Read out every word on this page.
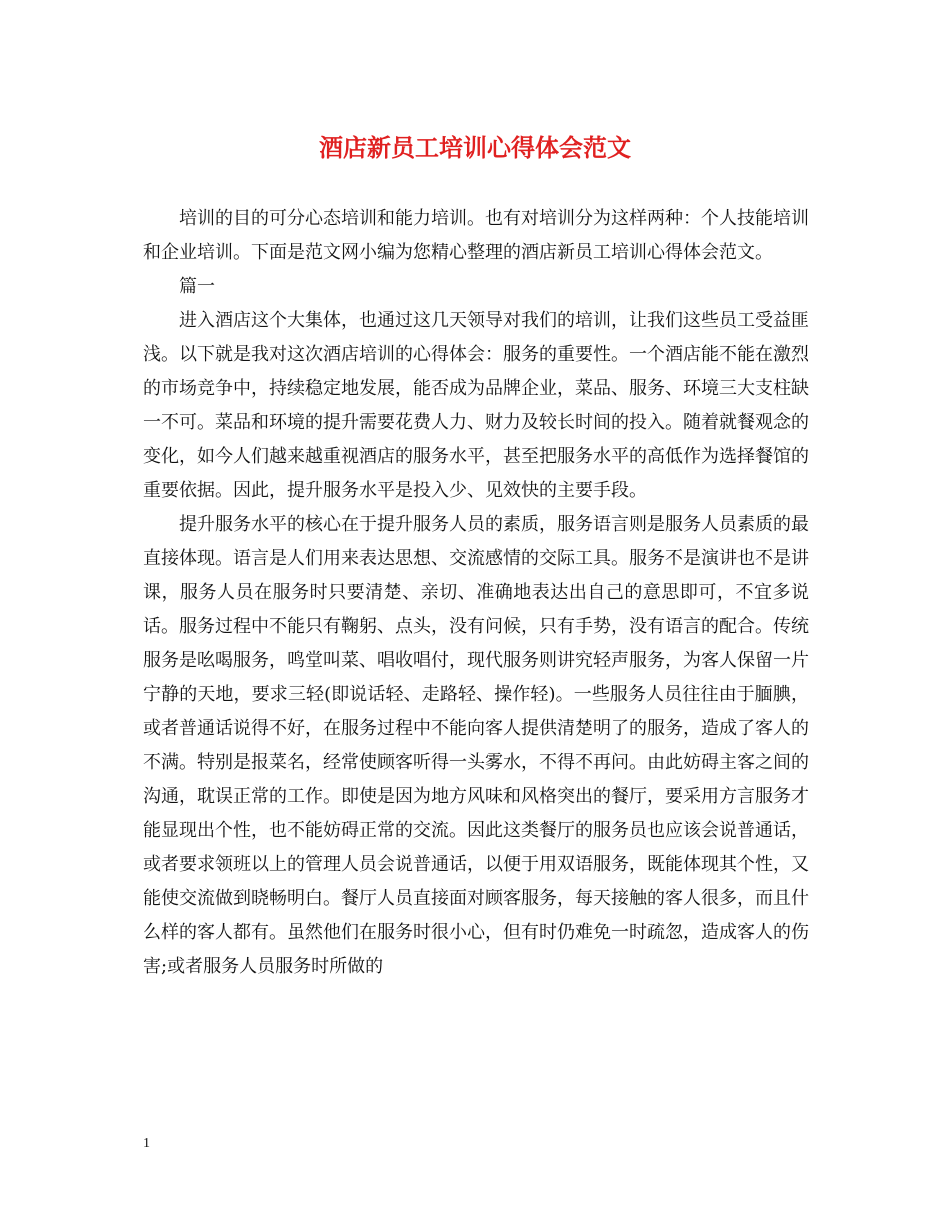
酒店新员工培训心得体会范文

培训的目的可分心态培训和能力培训。也有对培训分为这样两种：个人技能培训和企业培训。下面是范文网小编为您精心整理的酒店新员工培训心得体会范文。

篇一

进入酒店这个大集体，也通过这几天领导对我们的培训，让我们这些员工受益匪浅。以下就是我对这次酒店培训的心得体会：服务的重要性。一个酒店能不能在激烈的市场竞争中，持续稳定地发展，能否成为品牌企业，菜品、服务、环境三大支柱缺一不可。菜品和环境的提升需要花费人力、财力及较长时间的投入。随着就餐观念的变化，如今人们越来越重视酒店的服务水平，甚至把服务水平的高低作为选择餐馆的重要依据。因此，提升服务水平是投入少、见效快的主要手段。

提升服务水平的核心在于提升服务人员的素质，服务语言则是服务人员素质的最直接体现。语言是人们用来表达思想、交流感情的交际工具。服务不是演讲也不是讲课，服务人员在服务时只要清楚、亲切、准确地表达出自己的意思即可，不宜多说话。服务过程中不能只有鞠躬、点头，没有问候，只有手势，没有语言的配合。传统服务是吆喝服务，鸣堂叫菜、唱收唱付，现代服务则讲究轻声服务，为客人保留一片宁静的天地，要求三轻(即说话轻、走路轻、操作轻)。一些服务人员往往由于腼腆，或者普通话说得不好，在服务过程中不能向客人提供清楚明了的服务，造成了客人的不满。特别是报菜名，经常使顾客听得一头雾水，不得不再问。由此妨碍主客之间的沟通，耽误正常的工作。即使是因为地方风味和风格突出的餐厅，要采用方言服务才能显现出个性，也不能妨碍正常的交流。因此这类餐厅的服务员也应该会说普通话，或者要求领班以上的管理人员会说普通话，以便于用双语服务，既能体现其个性，又能使交流做到晓畅明白。餐厅人员直接面对顾客服务，每天接触的客人很多，而且什么样的客人都有。虽然他们在服务时很小心，但有时仍难免一时疏忽，造成客人的伤害;或者服务人员服务时所做的

1
